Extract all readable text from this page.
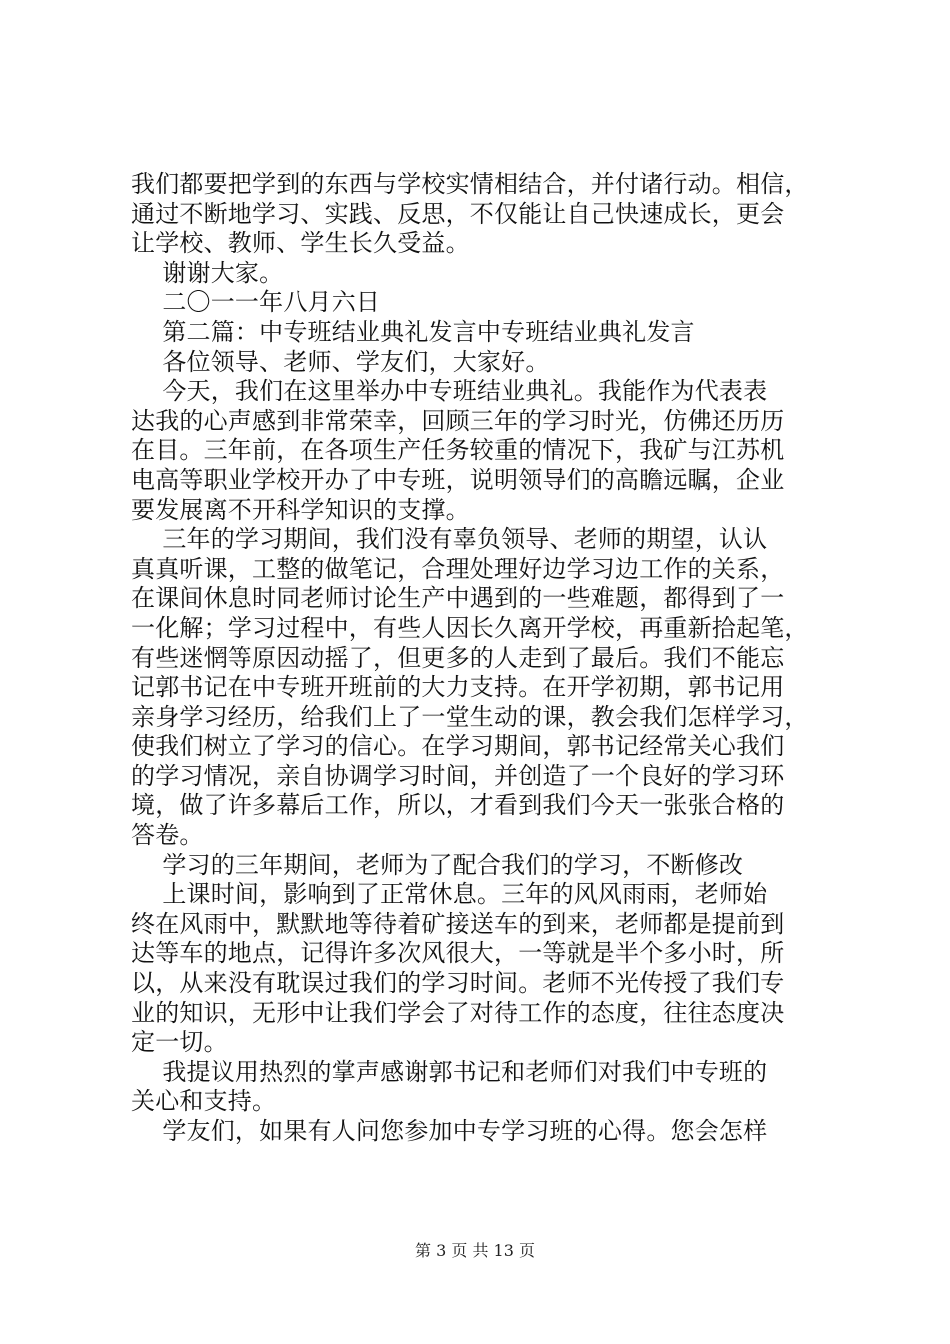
我们都要把学到的东西与学校实情相结合，并付诸行动。相信，
通过不断地学习、实践、反思，不仅能让自己快速成长，更会
让学校、教师、学生长久受益。
谢谢大家。
二〇一一年八月六日
第二篇：中专班结业典礼发言中专班结业典礼发言
各位领导、老师、学友们，大家好。
今天，我们在这里举办中专班结业典礼。我能作为代表表
达我的心声感到非常荣幸，回顾三年的学习时光，仿佛还历历
在目。三年前，在各项生产任务较重的情况下，我矿与江苏机
电高等职业学校开办了中专班，说明领导们的高瞻远瞩，企业
要发展离不开科学知识的支撑。
三年的学习期间，我们没有辜负领导、老师的期望，认认
真真听课，工整的做笔记，合理处理好边学习边工作的关系，
在课间休息时同老师讨论生产中遇到的一些难题，都得到了一
一化解；学习过程中，有些人因长久离开学校，再重新拾起笔，
有些迷惘等原因动摇了，但更多的人走到了最后。我们不能忘
记郭书记在中专班开班前的大力支持。在开学初期，郭书记用
亲身学习经历，给我们上了一堂生动的课，教会我们怎样学习，
使我们树立了学习的信心。在学习期间，郭书记经常关心我们
的学习情况，亲自协调学习时间，并创造了一个良好的学习环
境，做了许多幕后工作，所以，才看到我们今天一张张合格的
答卷。
学习的三年期间，老师为了配合我们的学习，不断修改
上课时间，影响到了正常休息。三年的风风雨雨，老师始
终在风雨中，默默地等待着矿接送车的到来，老师都是提前到
达等车的地点，记得许多次风很大，一等就是半个多小时，所
以，从来没有耽误过我们的学习时间。老师不光传授了我们专
业的知识，无形中让我们学会了对待工作的态度，往往态度决
定一切。
我提议用热烈的掌声感谢郭书记和老师们对我们中专班的
关心和支持。
学友们，如果有人问您参加中专学习班的心得。您会怎样
第 3 页 共 13 页
